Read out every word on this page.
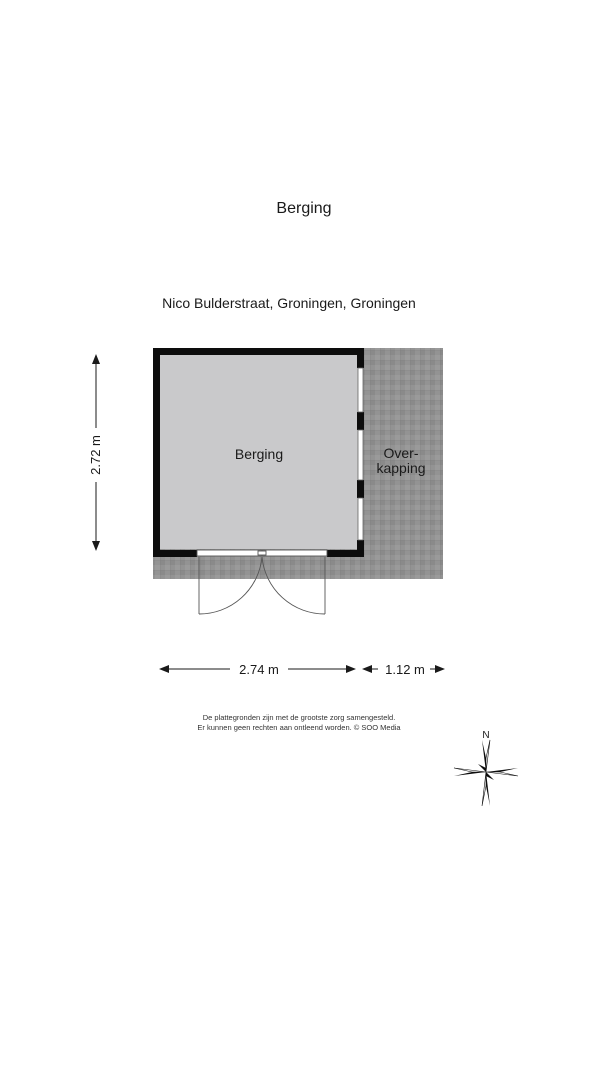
Berging
Nico Bulderstraat, Groningen, Groningen
Berging	Over-
kapping
2.72 m
2.74 m	1.12 m
N
De plattegronden zijn met de grootste zorg samengesteld.
Er kunnen geen rechten aan ontleend worden. © SOO Media
